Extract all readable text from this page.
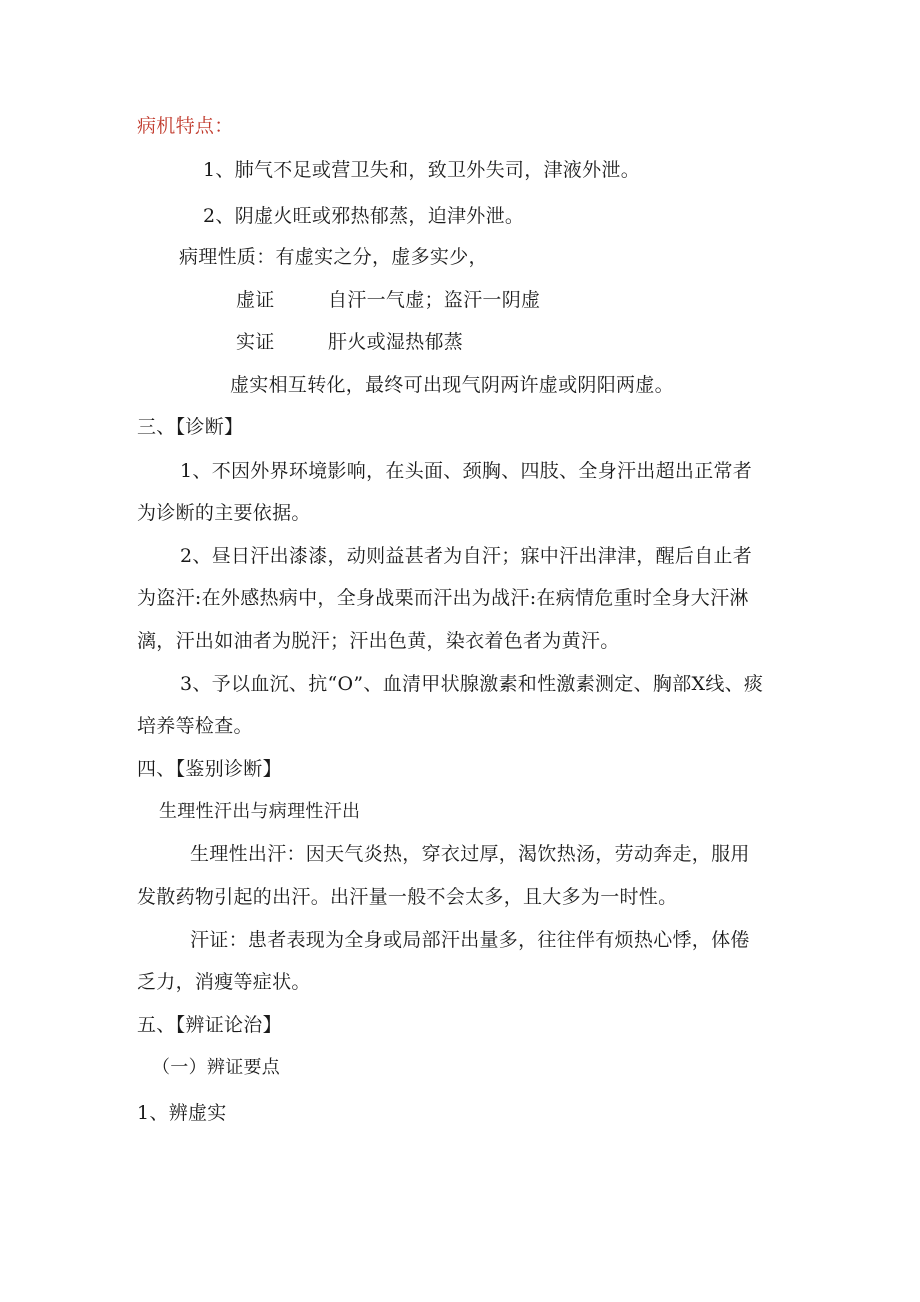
病机特点：
1、肺气不足或营卫失和，致卫外失司，津液外泄。
2、阴虚火旺或邪热郁蒸，迫津外泄。
病理性质：有虚实之分，虚多实少，
虚证	自汗一气虚；盗汗一阴虚
实证	肝火或湿热郁蒸
虚实相互转化，最终可出现气阴两许虚或阴阳两虚。
三、【诊断】
1、不因外界环境影响，在头面、颈胸、四肢、全身汗出超出正常者
为诊断的主要依据。
2、昼日汗出漆漆，动则益甚者为自汗；寐中汗出津津，醒后自止者
为盗汗:在外感热病中，全身战栗而汗出为战汗:在病情危重时全身大汗淋
漓，汗出如油者为脱汗；汗出色黄，染衣着色者为黄汗。
3、予以血沉、抗“O”、血清甲状腺激素和性激素测定、胸部X线、痰
培养等检查。
四、【鉴别诊断】
生理性汗出与病理性汗出
生理性出汗：因天气炎热，穿衣过厚，渴饮热汤，劳动奔走，服用
发散药物引起的出汗。出汗量一般不会太多，且大多为一时性。
汗证：患者表现为全身或局部汗出量多，往往伴有烦热心悸，体倦
乏力，消瘦等症状。
五、【辨证论治】
（一）辨证要点
1、辨虚实
